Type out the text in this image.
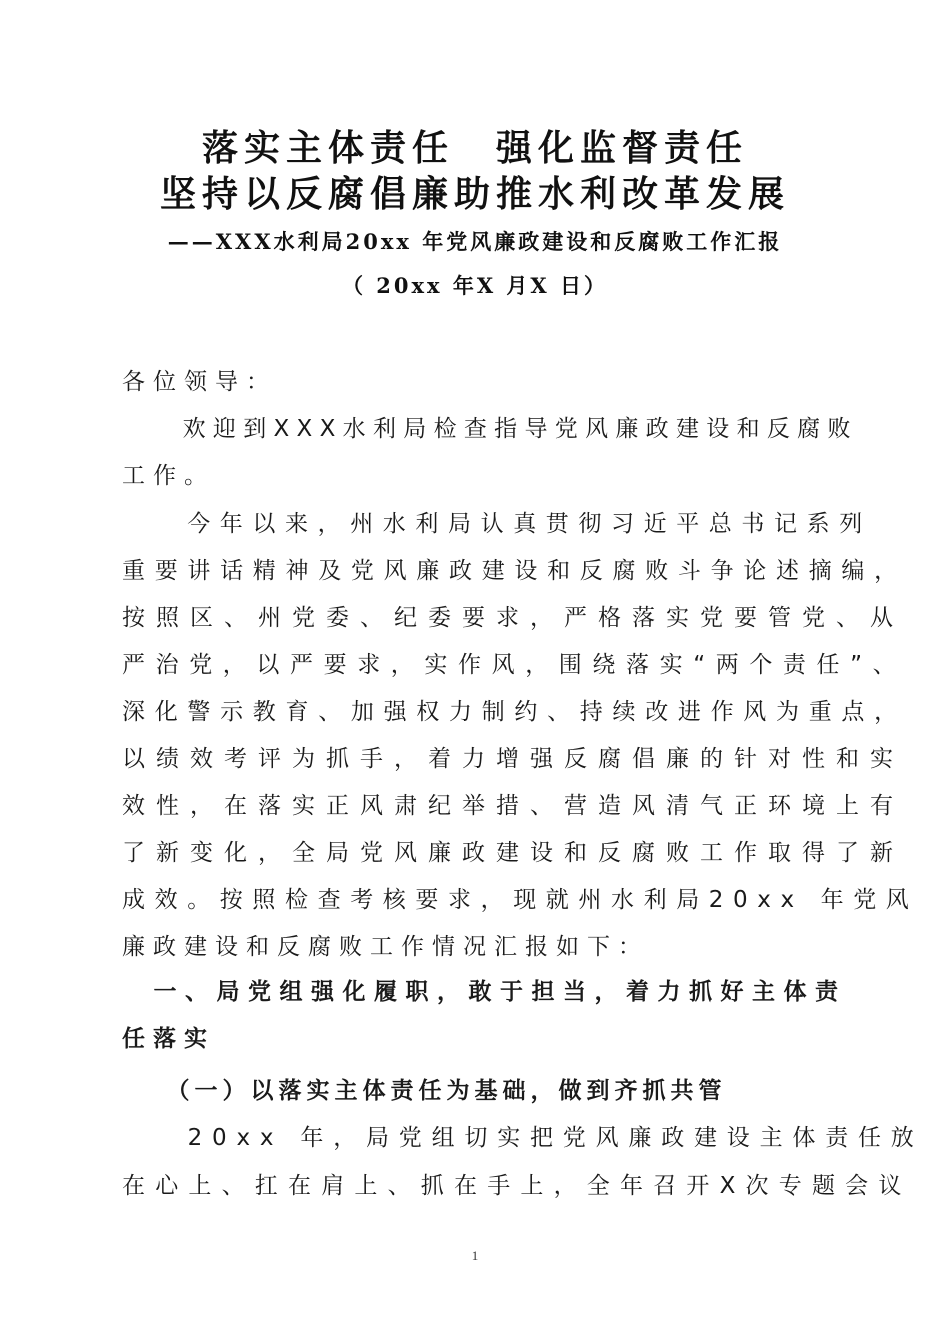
落实主体责任　强化监督责任
坚持以反腐倡廉助推水利改革发展
——XXX水利局20xx 年党风廉政建设和反腐败工作汇报
（ 20xx 年X 月X 日）
各位领导：
　　欢迎到XXX水利局检查指导党风廉政建设和反腐败
工作。
　　今年以来，州水利局认真贯彻习近平总书记系列
重要讲话精神及党风廉政建设和反腐败斗争论述摘编，
按照区、州党委、纪委要求，严格落实党要管党、从
严治党，以严要求，实作风，围绕落实“两个责任”、
深化警示教育、加强权力制约、持续改进作风为重点，
以绩效考评为抓手，着力增强反腐倡廉的针对性和实
效性，在落实正风肃纪举措、营造风清气正环境上有
了新变化，全局党风廉政建设和反腐败工作取得了新
成效。按照检查考核要求，现就州水利局20xx 年党风
廉政建设和反腐败工作情况汇报如下：
　一、局党组强化履职，敢于担当，着力抓好主体责
任落实
　　（一）以落实主体责任为基础，做到齐抓共管
　　20xx 年，局党组切实把党风廉政建设主体责任放
在心上、扛在肩上、抓在手上，全年召开X次专题会议
1
